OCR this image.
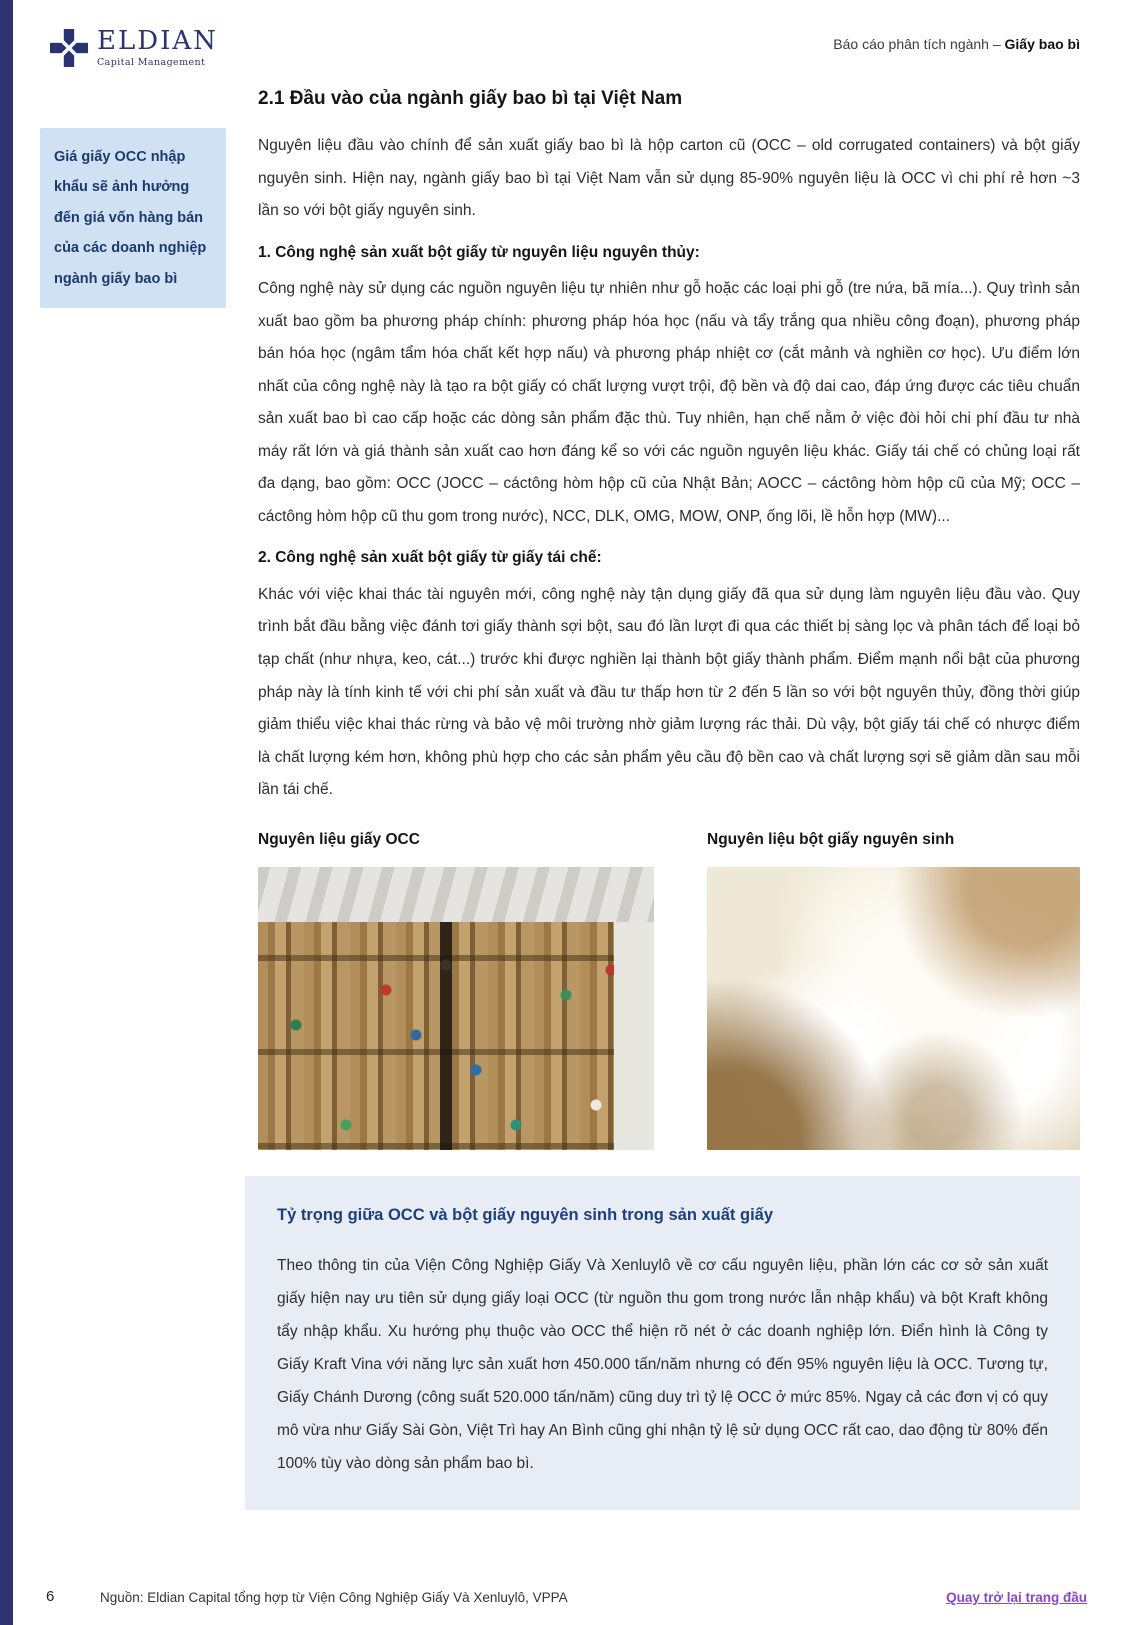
ELDIAN
Capital Management
Báo cáo phân tích ngành – Giấy bao bì
Giá giấy OCC nhập khẩu sẽ ảnh hưởng đến giá vốn hàng bán của các doanh nghiệp ngành giấy bao bì
2.1 Đầu vào của ngành giấy bao bì tại Việt Nam

Nguyên liệu đầu vào chính để sản xuất giấy bao bì là hộp carton cũ (OCC – old corrugated containers) và bột giấy nguyên sinh. Hiện nay, ngành giấy bao bì tại Việt Nam vẫn sử dụng 85-90% nguyên liệu là OCC vì chi phí rẻ hơn ~3 lần so với bột giấy nguyên sinh.

1. Công nghệ sản xuất bột giấy từ nguyên liệu nguyên thủy:

Công nghệ này sử dụng các nguồn nguyên liệu tự nhiên như gỗ hoặc các loại phi gỗ (tre nứa, bã mía...). Quy trình sản xuất bao gồm ba phương pháp chính: phương pháp hóa học (nấu và tẩy trắng qua nhiều công đoạn), phương pháp bán hóa học (ngâm tẩm hóa chất kết hợp nấu) và phương pháp nhiệt cơ (cắt mảnh và nghiền cơ học). Ưu điểm lớn nhất của công nghệ này là tạo ra bột giấy có chất lượng vượt trội, độ bền và độ dai cao, đáp ứng được các tiêu chuẩn sản xuất bao bì cao cấp hoặc các dòng sản phẩm đặc thù. Tuy nhiên, hạn chế nằm ở việc đòi hỏi chi phí đầu tư nhà máy rất lớn và giá thành sản xuất cao hơn đáng kể so với các nguồn nguyên liệu khác. Giấy tái chế có chủng loại rất đa dạng, bao gồm: OCC (JOCC – cáctông hòm hộp cũ của Nhật Bản; AOCC – cáctông hòm hộp cũ của Mỹ; OCC – cáctông hòm hộp cũ thu gom trong nước), NCC, DLK, OMG, MOW, ONP, ống lõi, lề hỗn hợp (MW)...

2. Công nghệ sản xuất bột giấy từ giấy tái chế:

Khác với việc khai thác tài nguyên mới, công nghệ này tận dụng giấy đã qua sử dụng làm nguyên liệu đầu vào. Quy trình bắt đầu bằng việc đánh tơi giấy thành sợi bột, sau đó lần lượt đi qua các thiết bị sàng lọc và phân tách để loại bỏ tạp chất (như nhựa, keo, cát...) trước khi được nghiền lại thành bột giấy thành phẩm. Điểm mạnh nổi bật của phương pháp này là tính kinh tế với chi phí sản xuất và đầu tư thấp hơn từ 2 đến 5 lần so với bột nguyên thủy, đồng thời giúp giảm thiểu việc khai thác rừng và bảo vệ môi trường nhờ giảm lượng rác thải. Dù vậy, bột giấy tái chế có nhược điểm là chất lượng kém hơn, không phù hợp cho các sản phẩm yêu cầu độ bền cao và chất lượng sợi sẽ giảm dần sau mỗi lần tái chế.

Nguyên liệu giấy OCC	Nguyên liệu bột giấy nguyên sinh
Tỷ trọng giữa OCC và bột giấy nguyên sinh trong sản xuất giấy

Theo thông tin của Viện Công Nghiệp Giấy Và Xenluylô về cơ cấu nguyên liệu, phần lớn các cơ sở sản xuất giấy hiện nay ưu tiên sử dụng giấy loại OCC (từ nguồn thu gom trong nước lẫn nhập khẩu) và bột Kraft không tẩy nhập khẩu. Xu hướng phụ thuộc vào OCC thể hiện rõ nét ở các doanh nghiệp lớn. Điển hình là Công ty Giấy Kraft Vina với năng lực sản xuất hơn 450.000 tấn/năm nhưng có đến 95% nguyên liệu là OCC. Tương tự, Giấy Chánh Dương (công suất 520.000 tấn/năm) cũng duy trì tỷ lệ OCC ở mức 85%. Ngay cả các đơn vị có quy mô vừa như Giấy Sài Gòn, Việt Trì hay An Bình cũng ghi nhận tỷ lệ sử dụng OCC rất cao, dao động từ 80% đến 100% tùy vào dòng sản phẩm bao bì.

6	Nguồn: Eldian Capital tổng hợp từ Viện Công Nghiệp Giấy Và Xenluylô, VPPA	Quay trở lại trang đầu
